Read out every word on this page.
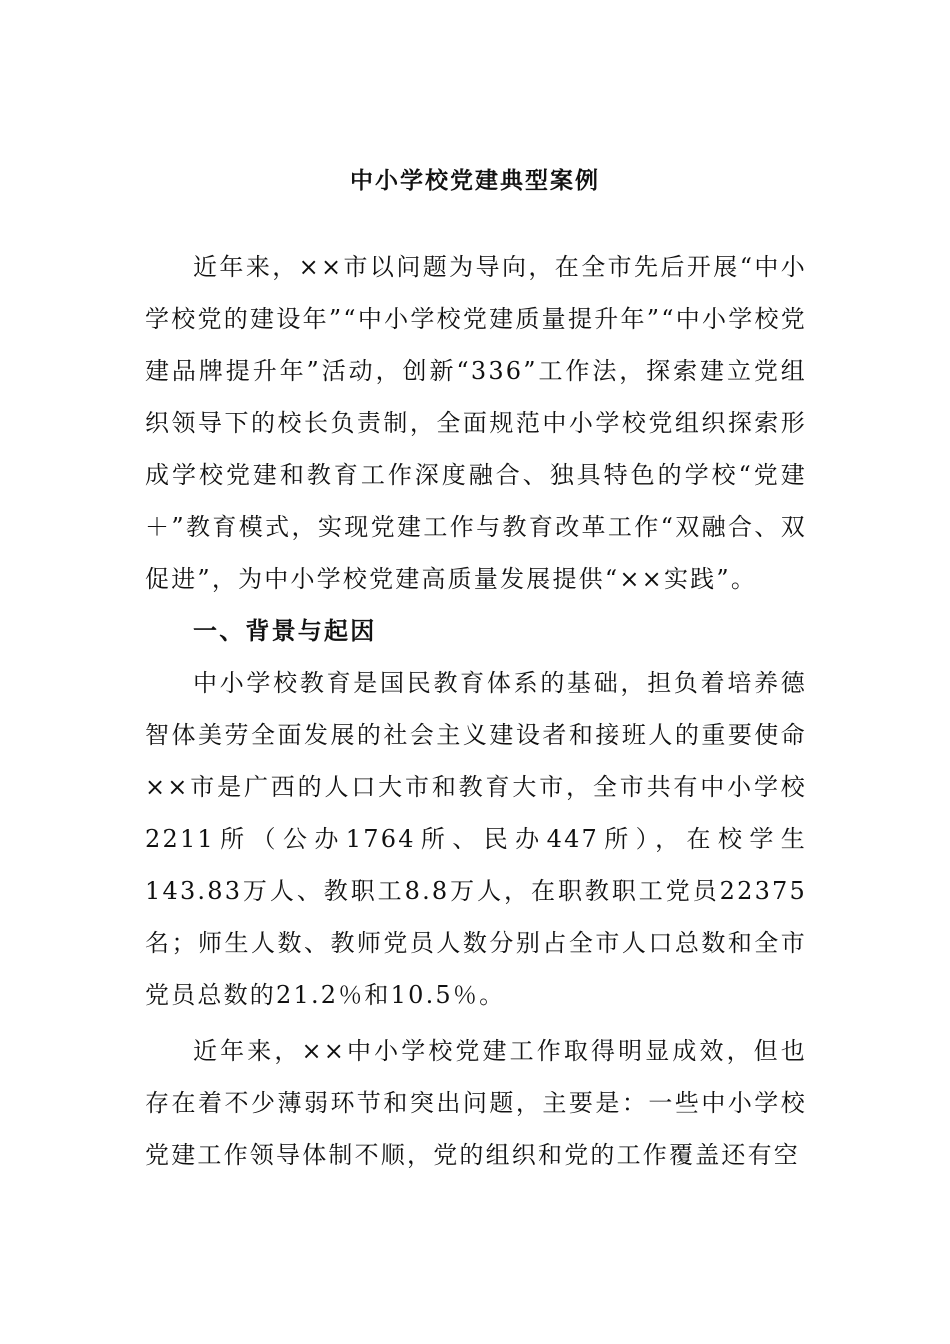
中小学校党建典型案例

近年来，××市以问题为导向，在全市先后开展“中小学校党的建设年”“中小学校党建质量提升年”“中小学校党建品牌提升年”活动，创新“336”工作法，探索建立党组织领导下的校长负责制，全面规范中小学校党组织探索形成学校党建和教育工作深度融合、独具特色的学校“党建＋”教育模式，实现党建工作与教育改革工作“双融合、双促进”，为中小学校党建高质量发展提供“××实践”。

一、背景与起因

中小学校教育是国民教育体系的基础，担负着培养德智体美劳全面发展的社会主义建设者和接班人的重要使命××市是广西的人口大市和教育大市，全市共有中小学校2211所（公办1764所、民办447所），在校学生143.83万人、教职工8.8万人，在职教职工党员22375名；师生人数、教师党员人数分别占全市人口总数和全市党员总数的21.2％和10.5％。

近年来，××中小学校党建工作取得明显成效，但也存在着不少薄弱环节和突出问题，主要是：一些中小学校党建工作领导体制不顺，党的组织和党的工作覆盖还有空
